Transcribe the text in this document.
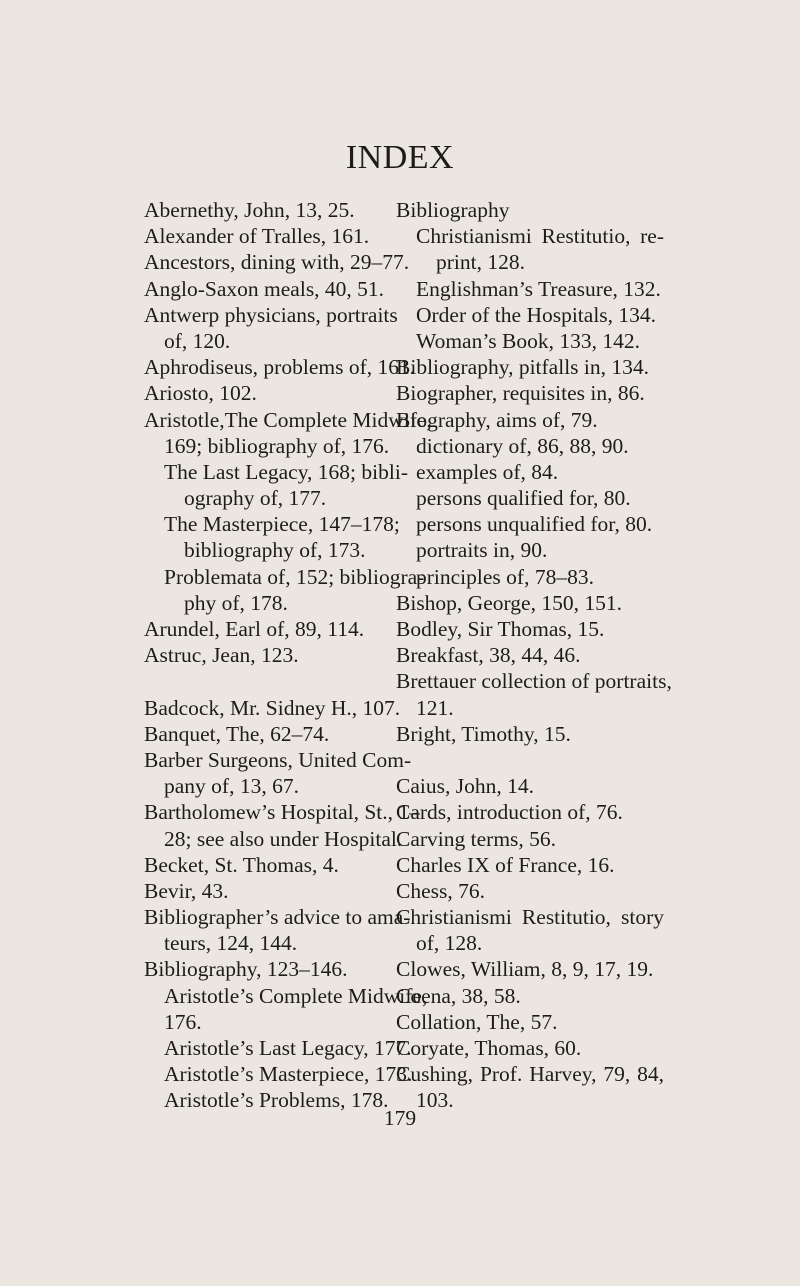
INDEX
Abernethy, John, 13, 25.
Alexander of Tralles, 161.
Ancestors, dining with, 29–77.
Anglo-Saxon meals, 40, 51.
Antwerp physicians, portraits
of, 120.
Aphrodiseus, problems of, 161.
Ariosto, 102.
Aristotle,The Complete Midwife,
169; bibliography of, 176.
The Last Legacy, 168; bibli-
ography of, 177.
The Masterpiece, 147–178;
bibliography of, 173.
Problemata of, 152; bibliogra-
phy of, 178.
Arundel, Earl of, 89, 114.
Astruc, Jean, 123.
Badcock, Mr. Sidney H., 107.
Banquet, The, 62–74.
Barber Surgeons, United Com-
pany of, 13, 67.
Bartholomew’s Hospital, St., 1–
28; see also under Hospital.
Becket, St. Thomas, 4.
Bevir, 43.
Bibliographer’s advice to ama-
teurs, 124, 144.
Bibliography, 123–146.
Aristotle’s Complete Midwife,
176.
Aristotle’s Last Legacy, 177.
Aristotle’s Masterpiece, 173.
Aristotle’s Problems, 178.
Bibliography
Christianismi Restitutio, re-
print, 128.
Englishman’s Treasure, 132.
Order of the Hospitals, 134.
Woman’s Book, 133, 142.
Bibliography, pitfalls in, 134.
Biographer, requisites in, 86.
Biography, aims of, 79.
dictionary of, 86, 88, 90.
examples of, 84.
persons qualified for, 80.
persons unqualified for, 80.
portraits in, 90.
principles of, 78–83.
Bishop, George, 150, 151.
Bodley, Sir Thomas, 15.
Breakfast, 38, 44, 46.
Brettauer collection of portraits,
121.
Bright, Timothy, 15.
Caius, John, 14.
Cards, introduction of, 76.
Carving terms, 56.
Charles IX of France, 16.
Chess, 76.
Christianismi Restitutio, story
of, 128.
Clowes, William, 8, 9, 17, 19.
Coena, 38, 58.
Collation, The, 57.
Coryate, Thomas, 60.
Cushing, Prof. Harvey, 79, 84,
103.
179
